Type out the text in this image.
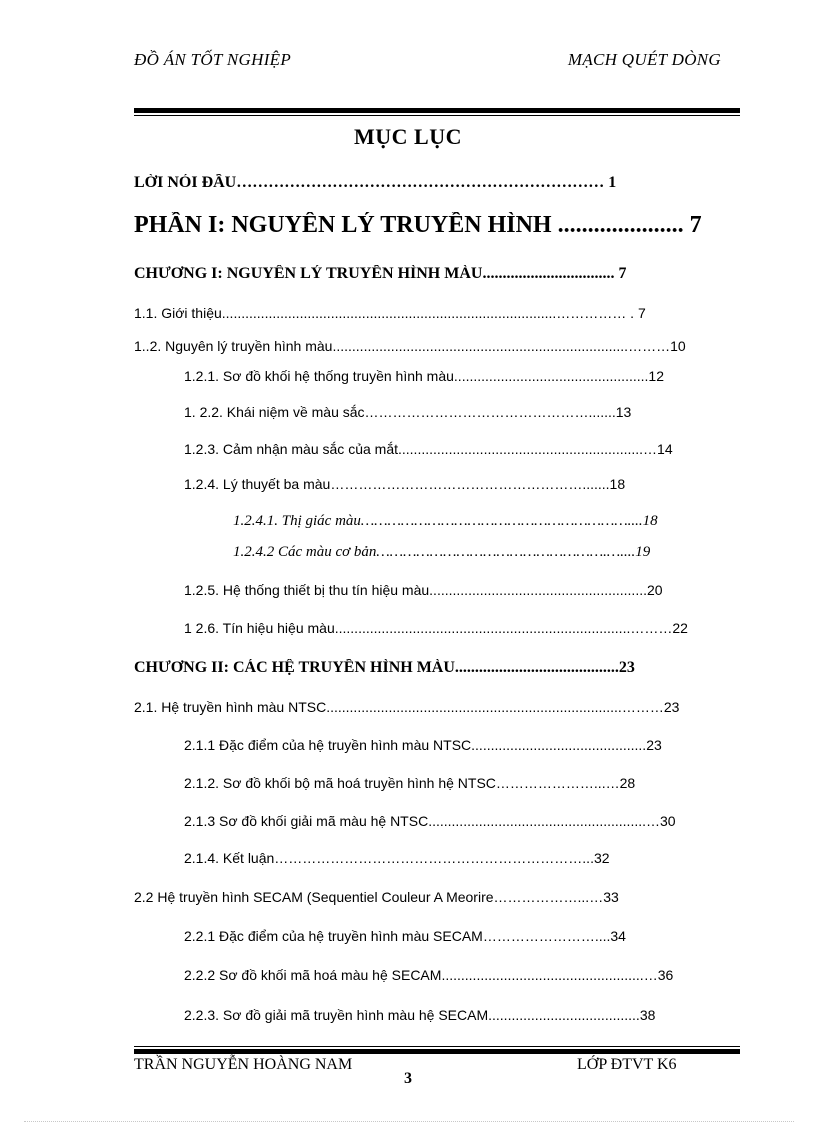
ĐỒ ÁN TỐT NGHIỆP	MẠCH QUÉT DÒNG
MỤC LỤC
LỜI NÓI ĐẦU…………………………………………………………… 1
PHẦN I: NGUYÊN LÝ TRUYỀN HÌNH ..................... 7
CHƯƠNG I: NGUYÊN LÝ TRUYỀN HÌNH MÀU................................. 7
1.1. Giới thiệu......................................................................................…………… . 7
1..2. Nguyên lý truyền hình màu............................................................................………10
1.2.1. Sơ đồ khối hệ thống truyền hình màu..................................................12
1. 2.2. Khái niệm về màu sắc………………………………………….......13
1.2.3. Cảm nhận màu sắc của mắt...............................................................…14
1.2.4. Lý thuyết ba màu……………………………………………….......18
1.2.4.1. Thị giác màu……………………………………………………....18
1.2.4.2 Các màu cơ bản…………………………………………….…....19
1.2.5. Hệ thống thiết bị thu tín hiệu màu........................................................20
1 2.6. Tín hiệu hiệu màu............................................................................………22
CHƯƠNG II: CÁC HỆ TRUYỀN HÌNH MÀU.........................................23
2.1. Hệ truyền hình màu NTSC............................................................................………23
2.1.1 Đặc điểm của hệ truyền hình màu NTSC.............................................23
2.1.2. Sơ đồ khối bộ mã hoá truyền hình hệ NTSC…………………...…28
2.1.3 Sơ đồ khối giải mã màu hệ NTSC........................................................…30
2.1.4. Kết luận…………………………………………………………...32
2.2 Hệ truyền hình SECAM (Sequentiel Couleur A Meorire………………...…33
2.2.1 Đặc điểm của hệ truyền hình màu SECAM……………………....34
2.2.2 Sơ đồ khối mã hoá màu hệ SECAM....................................................…36
2.2.3. Sơ đồ giải mã truyền hình màu hệ SECAM.......................................38
TRẦN NGUYỄN HOÀNG NAM	LỚP ĐTVT K6
3
